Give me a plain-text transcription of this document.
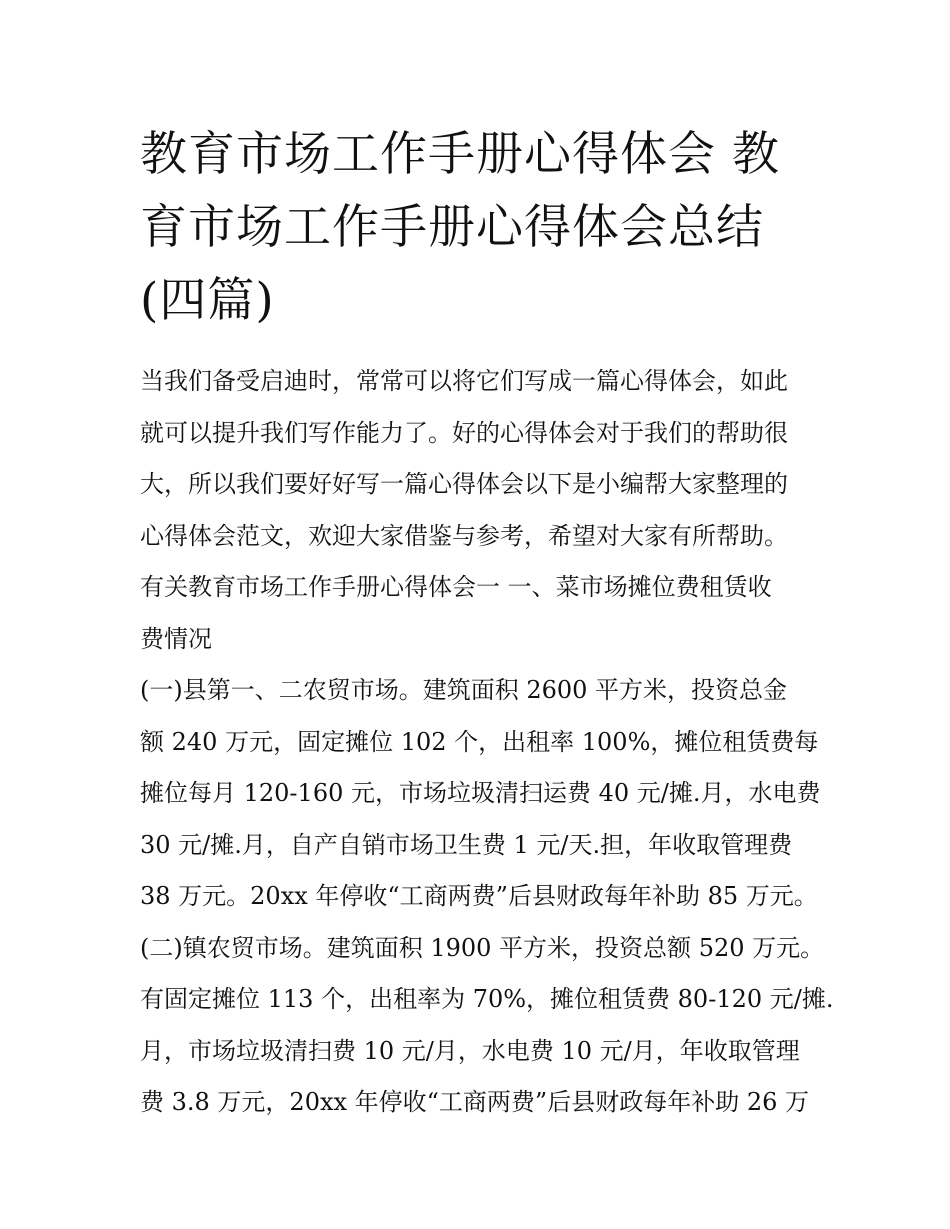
教育市场工作手册心得体会 教育市场工作手册心得体会总结(四篇)

当我们备受启迪时，常常可以将它们写成一篇心得体会，如此

就可以提升我们写作能力了。好的心得体会对于我们的帮助很

大，所以我们要好好写一篇心得体会以下是小编帮大家整理的

心得体会范文，欢迎大家借鉴与参考，希望对大家有所帮助。

有关教育市场工作手册心得体会一 一、菜市场摊位费租赁收

费情况

(一)县第一、二农贸市场。建筑面积 2600 平方米，投资总金

额 240 万元，固定摊位 102 个，出租率 100%，摊位租赁费每

摊位每月 120-160 元，市场垃圾清扫运费 40 元/摊.月，水电费

30 元/摊.月，自产自销市场卫生费 1 元/天.担，年收取管理费

38 万元。20xx 年停收“工商两费”后县财政每年补助 85 万元。

(二)镇农贸市场。建筑面积 1900 平方米，投资总额 520 万元。

有固定摊位 113 个，出租率为 70%，摊位租赁费 80-120 元/摊.

月，市场垃圾清扫费 10 元/月，水电费 10 元/月，年收取管理

费 3.8 万元，20xx 年停收“工商两费”后县财政每年补助 26 万
